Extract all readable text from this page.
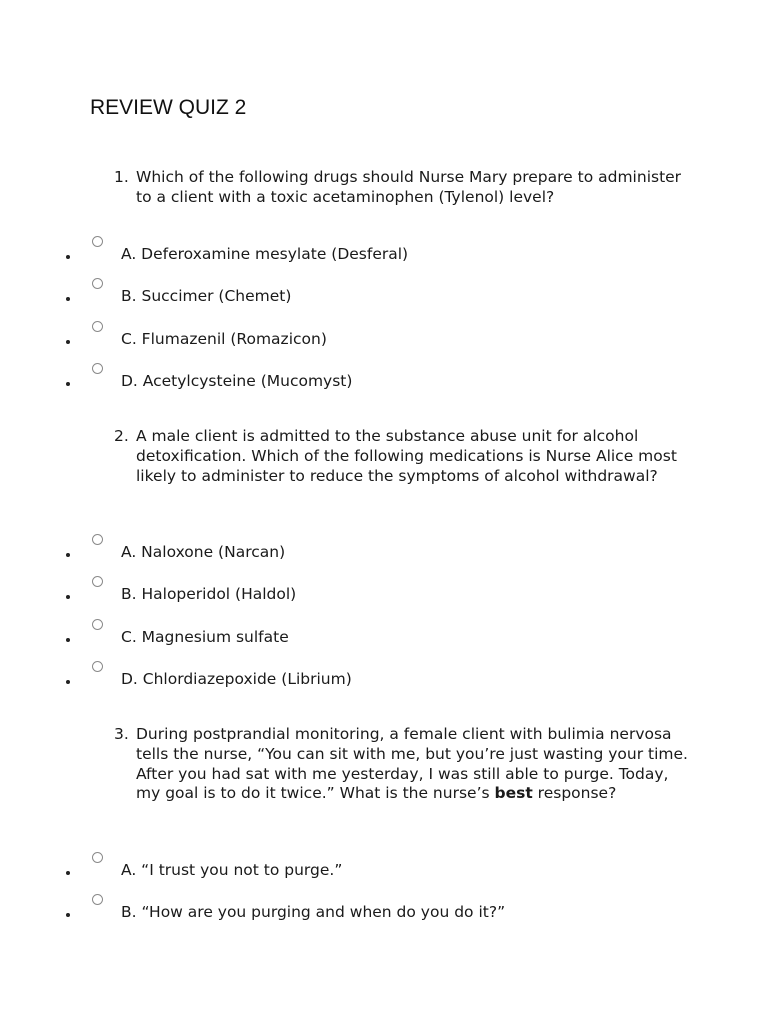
REVIEW QUIZ 2
1. Which of the following drugs should Nurse Mary prepare to administer to a client with a toxic acetaminophen (Tylenol) level?
A. Deferoxamine mesylate (Desferal)
B. Succimer (Chemet)
C. Flumazenil (Romazicon)
D. Acetylcysteine (Mucomyst)
2. A male client is admitted to the substance abuse unit for alcohol detoxification. Which of the following medications is Nurse Alice most likely to administer to reduce the symptoms of alcohol withdrawal?
A. Naloxone (Narcan)
B. Haloperidol (Haldol)
C. Magnesium sulfate
D. Chlordiazepoxide (Librium)
3. During postprandial monitoring, a female client with bulimia nervosa tells the nurse, “You can sit with me, but you’re just wasting your time. After you had sat with me yesterday, I was still able to purge. Today, my goal is to do it twice.” What is the nurse’s best response?
A. “I trust you not to purge.”
B. “How are you purging and when do you do it?”
